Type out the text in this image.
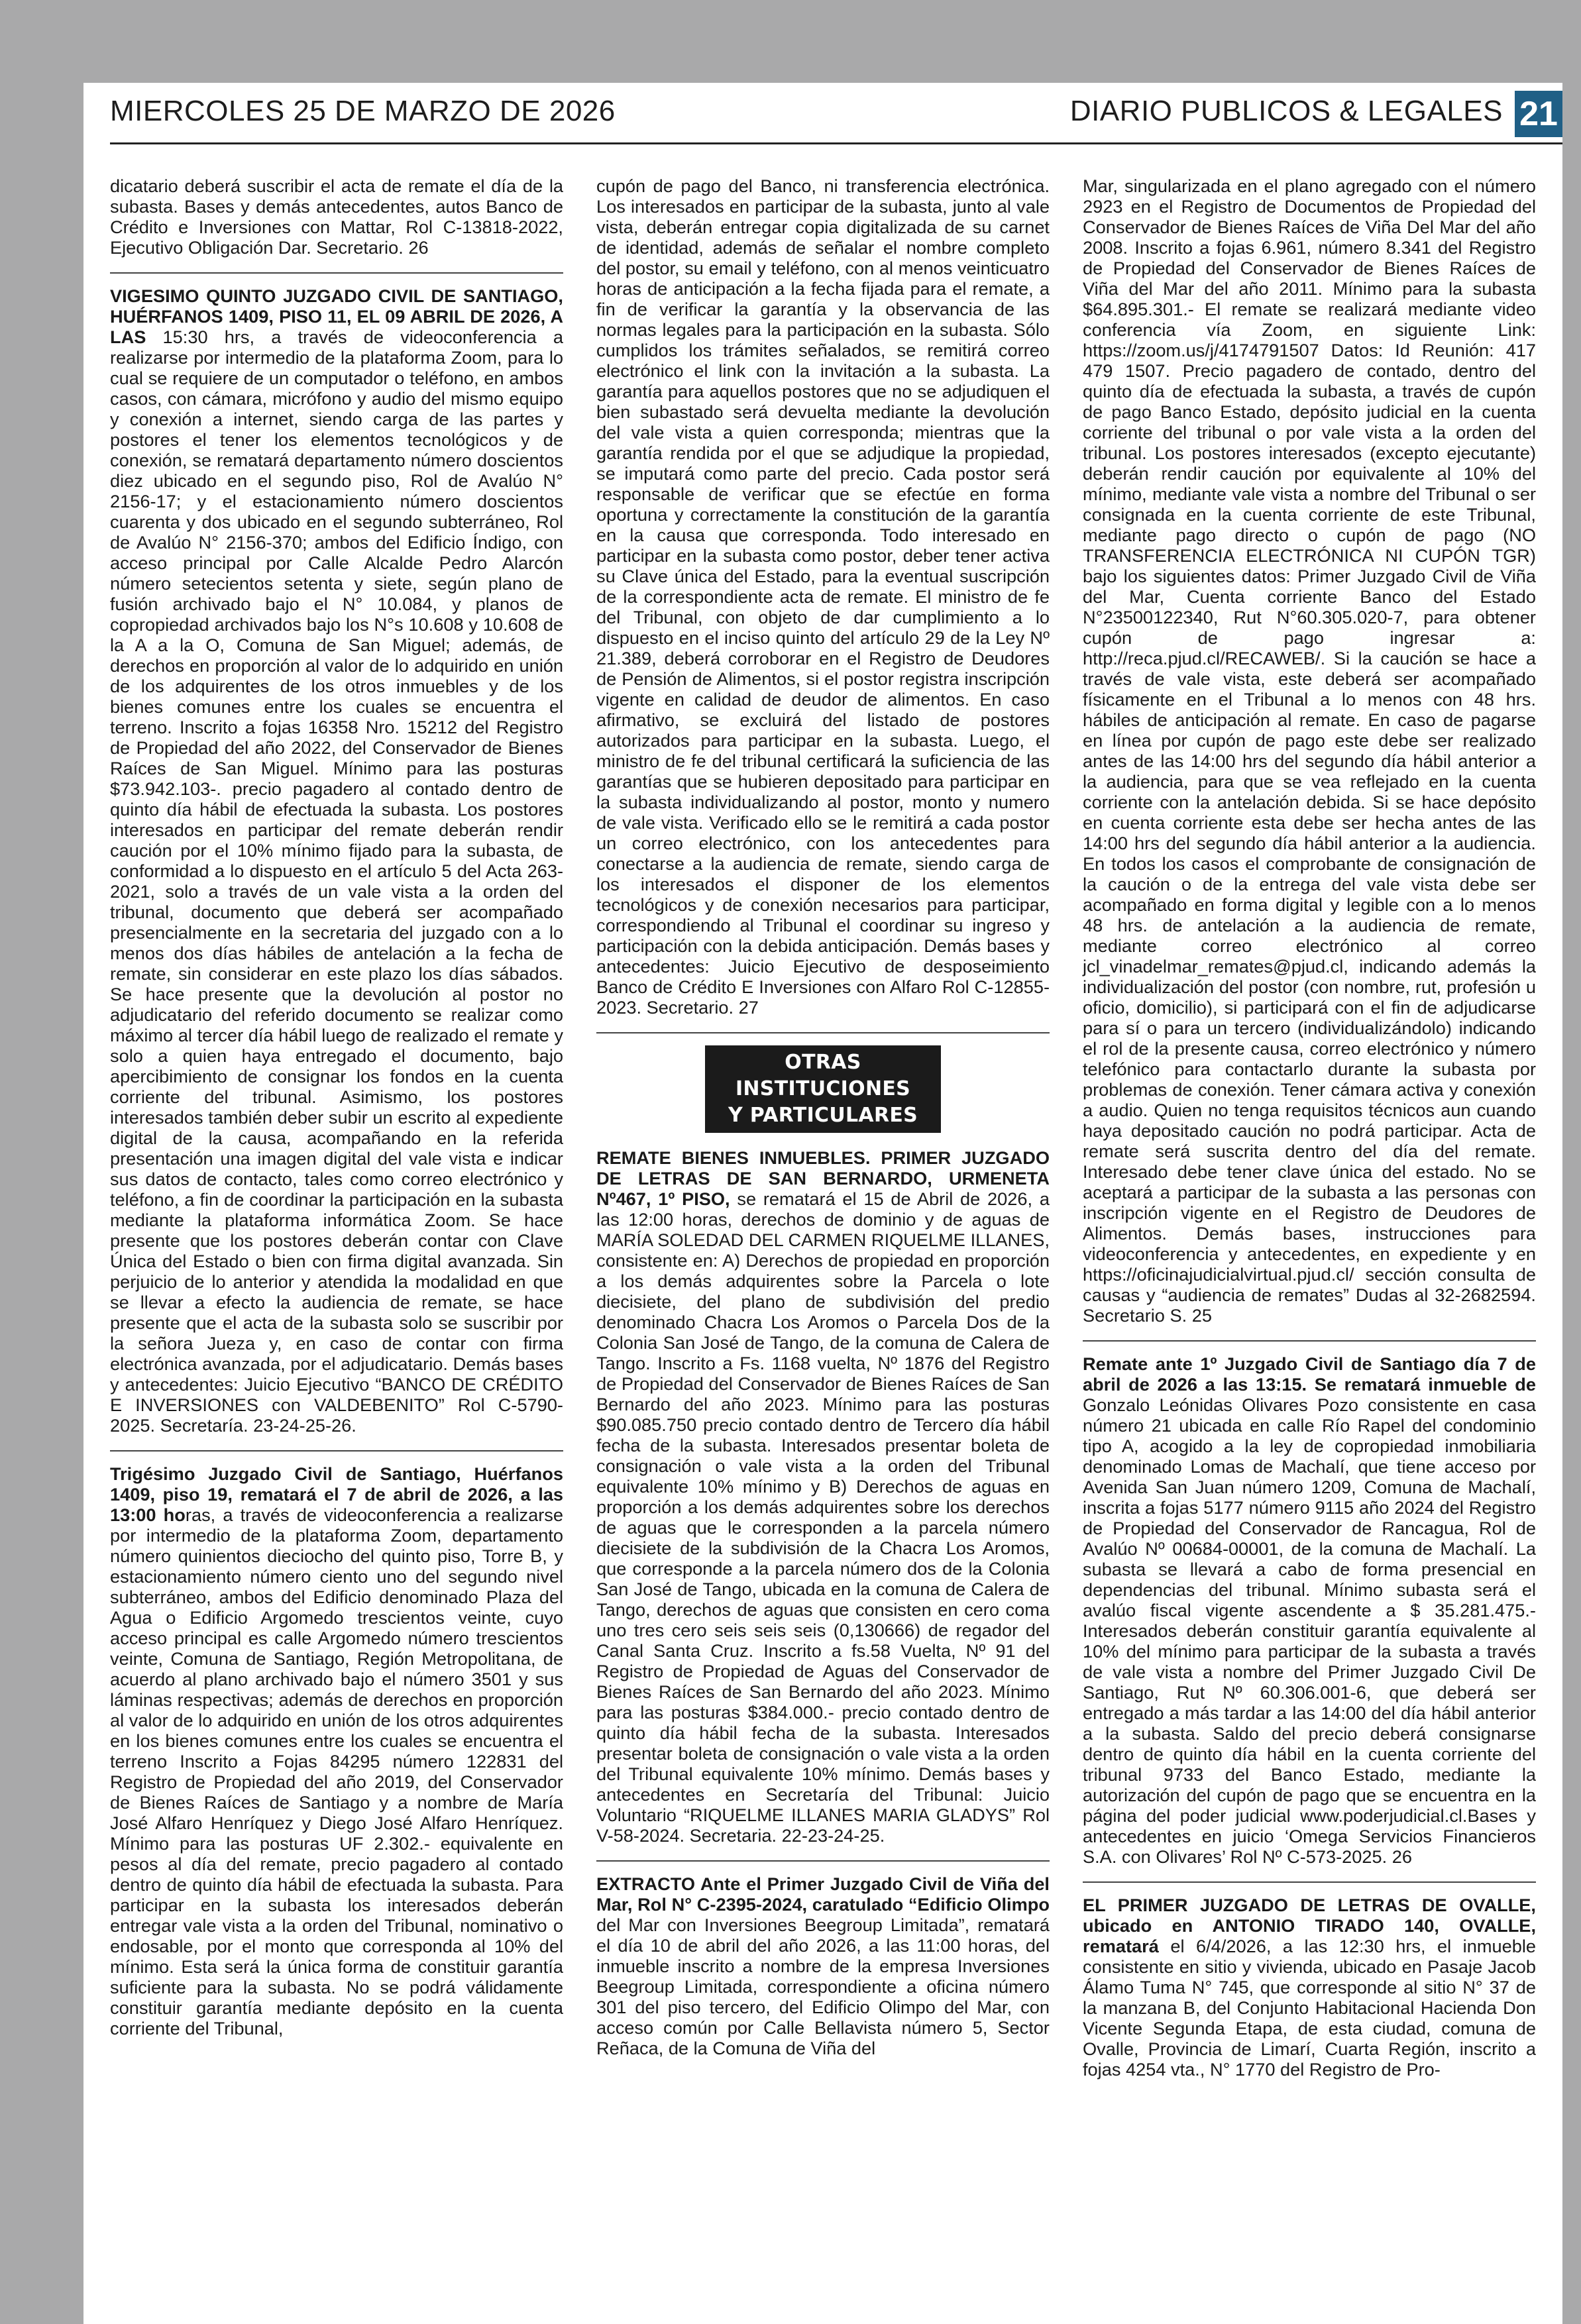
MIERCOLES 25 DE MARZO DE 2026	DIARIO PUBLICOS & LEGALES 21

dicatario deberá suscribir el acta de remate el día de la subasta. Bases y demás antecedentes, autos Banco de Crédito e Inversiones con Mattar, Rol C-13818-2022, Ejecutivo Obligación Dar. Secretario. 26

VIGESIMO QUINTO JUZGADO CIVIL DE SANTIAGO, HUÉRFANOS 1409, PISO 11, EL 09 ABRIL DE 2026, A LAS 15:30 hrs, a través de videoconferencia a realizarse por intermedio de la plataforma Zoom, para lo cual se requiere de un computador o teléfono, en ambos casos, con cámara, micrófono y audio del mismo equipo y conexión a internet, siendo carga de las partes y postores el tener los elementos tecnológicos y de conexión, se rematará departamento número doscientos diez ubicado en el segundo piso, Rol de Avalúo N° 2156-17; y el estacionamiento número doscientos cuarenta y dos ubicado en el segundo subterráneo, Rol de Avalúo N° 2156-370; ambos del Edificio Índigo, con acceso principal por Calle Alcalde Pedro Alarcón número setecientos setenta y siete, según plano de fusión archivado bajo el N° 10.084, y planos de copropiedad archivados bajo los N°s 10.608 y 10.608 de la A a la O, Comuna de San Miguel; además, de derechos en proporción al valor de lo adquirido en unión de los adquirentes de los otros inmuebles y de los bienes comunes entre los cuales se encuentra el terreno. Inscrito a fojas 16358 Nro. 15212 del Registro de Propiedad del año 2022, del Conservador de Bienes Raíces de San Miguel. Mínimo para las posturas $73.942.103-. precio pagadero al contado dentro de quinto día hábil de efectuada la subasta. Los postores interesados en participar del remate deberán rendir caución por el 10% mínimo fijado para la subasta, de conformidad a lo dispuesto en el artículo 5 del Acta 263-2021, solo a través de un vale vista a la orden del tribunal, documento que deberá ser acompañado presencialmente en la secretaria del juzgado con a lo menos dos días hábiles de antelación a la fecha de remate, sin considerar en este plazo los días sábados. Se hace presente que la devolución al postor no adjudicatario del referido documento se realizar como máximo al tercer día hábil luego de realizado el remate y solo a quien haya entregado el documento, bajo apercibimiento de consignar los fondos en la cuenta corriente del tribunal. Asimismo, los postores interesados también deber subir un escrito al expediente digital de la causa, acompañando en la referida presentación una imagen digital del vale vista e indicar sus datos de contacto, tales como correo electrónico y teléfono, a fin de coordinar la participación en la subasta mediante la plataforma informática Zoom. Se hace presente que los postores deberán contar con Clave Única del Estado o bien con firma digital avanzada. Sin perjuicio de lo anterior y atendida la modalidad en que se llevar a efecto la audiencia de remate, se hace presente que el acta de la subasta solo se suscribir por la señora Jueza y, en caso de contar con firma electrónica avanzada, por el adjudicatario. Demás bases y antecedentes: Juicio Ejecutivo “BANCO DE CRÉDITO E INVERSIONES con VALDEBENITO” Rol C-5790-2025. Secretaría. 23-24-25-26.

Trigésimo Juzgado Civil de Santiago, Huérfanos 1409, piso 19, rematará el 7 de abril de 2026, a las 13:00 horas, a través de videoconferencia a realizarse por intermedio de la plataforma Zoom, departamento número quinientos dieciocho del quinto piso, Torre B, y estacionamiento número ciento uno del segundo nivel subterráneo, ambos del Edificio denominado Plaza del Agua o Edificio Argomedo trescientos veinte, cuyo acceso principal es calle Argomedo número trescientos veinte, Comuna de Santiago, Región Metropolitana, de acuerdo al plano archivado bajo el número 3501 y sus láminas respectivas; además de derechos en proporción al valor de lo adquirido en unión de los otros adquirentes en los bienes comunes entre los cuales se encuentra el terreno Inscrito a Fojas 84295 número 122831 del Registro de Propiedad del año 2019, del Conservador de Bienes Raíces de Santiago y a nombre de María José Alfaro Henríquez y Diego José Alfaro Henríquez. Mínimo para las posturas UF 2.302.- equivalente en pesos al día del remate, precio pagadero al contado dentro de quinto día hábil de efectuada la subasta. Para participar en la subasta los interesados deberán entregar vale vista a la orden del Tribunal, nominativo o endosable, por el monto que corresponda al 10% del mínimo. Esta será la única forma de constituir garantía suficiente para la subasta. No se podrá válidamente constituir garantía mediante depósito en la cuenta corriente del Tribunal,

cupón de pago del Banco, ni transferencia electrónica. Los interesados en participar de la subasta, junto al vale vista, deberán entregar copia digitalizada de su carnet de identidad, además de señalar el nombre completo del postor, su email y teléfono, con al menos veinticuatro horas de anticipación a la fecha fijada para el remate, a fin de verificar la garantía y la observancia de las normas legales para la participación en la subasta. Sólo cumplidos los trámites señalados, se remitirá correo electrónico el link con la invitación a la subasta. La garantía para aquellos postores que no se adjudiquen el bien subastado será devuelta mediante la devolución del vale vista a quien corresponda; mientras que la garantía rendida por el que se adjudique la propiedad, se imputará como parte del precio. Cada postor será responsable de verificar que se efectúe en forma oportuna y correctamente la constitución de la garantía en la causa que corresponda. Todo interesado en participar en la subasta como postor, deber tener activa su Clave única del Estado, para la eventual suscripción de la correspondiente acta de remate. El ministro de fe del Tribunal, con objeto de dar cumplimiento a lo dispuesto en el inciso quinto del artículo 29 de la Ley Nº 21.389, deberá corroborar en el Registro de Deudores de Pensión de Alimentos, si el postor registra inscripción vigente en calidad de deudor de alimentos. En caso afirmativo, se excluirá del listado de postores autorizados para participar en la subasta. Luego, el ministro de fe del tribunal certificará la suficiencia de las garantías que se hubieren depositado para participar en la subasta individualizando al postor, monto y numero de vale vista. Verificado ello se le remitirá a cada postor un correo electrónico, con los antecedentes para conectarse a la audiencia de remate, siendo carga de los interesados el disponer de los elementos tecnológicos y de conexión necesarios para participar, correspondiendo al Tribunal el coordinar su ingreso y participación con la debida anticipación. Demás bases y antecedentes: Juicio Ejecutivo de desposeimiento Banco de Crédito E Inversiones con Alfaro Rol C-12855-2023. Secretario. 27

OTRAS INSTITUCIONES
Y PARTICULARES

REMATE BIENES INMUEBLES. PRIMER JUZGADO DE LETRAS DE SAN BERNARDO, URMENETA Nº467, 1º PISO, se rematará el 15 de Abril de 2026, a las 12:00 horas, derechos de dominio y de aguas de MARÍA SOLEDAD DEL CARMEN RIQUELME ILLANES, consistente en: A) Derechos de propiedad en proporción a los demás adquirentes sobre la Parcela o lote diecisiete, del plano de subdivisión del predio denominado Chacra Los Aromos o Parcela Dos de la Colonia San José de Tango, de la comuna de Calera de Tango. Inscrito a Fs. 1168 vuelta, Nº 1876 del Registro de Propiedad del Conservador de Bienes Raíces de San Bernardo del año 2023. Mínimo para las posturas $90.085.750 precio contado dentro de Tercero día hábil fecha de la subasta. Interesados presentar boleta de consignación o vale vista a la orden del Tribunal equivalente 10% mínimo y B) Derechos de aguas en proporción a los demás adquirentes sobre los derechos de aguas que le corresponden a la parcela número diecisiete de la subdivisión de la Chacra Los Aromos, que corresponde a la parcela número dos de la Colonia San José de Tango, ubicada en la comuna de Calera de Tango, derechos de aguas que consisten en cero coma uno tres cero seis seis seis (0,130666) de regador del Canal Santa Cruz. Inscrito a fs.58 Vuelta, Nº 91 del Registro de Propiedad de Aguas del Conservador de Bienes Raíces de San Bernardo del año 2023. Mínimo para las posturas $384.000.- precio contado dentro de quinto día hábil fecha de la subasta. Interesados presentar boleta de consignación o vale vista a la orden del Tribunal equivalente 10% mínimo. Demás bases y antecedentes en Secretaría del Tribunal: Juicio Voluntario “RIQUELME ILLANES MARIA GLADYS” Rol V-58-2024. Secretaria. 22-23-24-25.

EXTRACTO Ante el Primer Juzgado Civil de Viña del Mar, Rol N° C-2395-2024, caratulado “Edificio Olimpo del Mar con Inversiones Beegroup Limitada”, rematará el día 10 de abril del año 2026, a las 11:00 horas, del inmueble inscrito a nombre de la empresa Inversiones Beegroup Limitada, correspondiente a oficina número 301 del piso tercero, del Edificio Olimpo del Mar, con acceso común por Calle Bellavista número 5, Sector Reñaca, de la Comuna de Viña del

Mar, singularizada en el plano agregado con el número 2923 en el Registro de Documentos de Propiedad del Conservador de Bienes Raíces de Viña Del Mar del año 2008. Inscrito a fojas 6.961, número 8.341 del Registro de Propiedad del Conservador de Bienes Raíces de Viña del Mar del año 2011. Mínimo para la subasta $64.895.301.- El remate se realizará mediante video conferencia vía Zoom, en siguiente Link: https://zoom.us/j/4174791507 Datos: Id Reunión: 417 479 1507. Precio pagadero de contado, dentro del quinto día de efectuada la subasta, a través de cupón de pago Banco Estado, depósito judicial en la cuenta corriente del tribunal o por vale vista a la orden del tribunal. Los postores interesados (excepto ejecutante) deberán rendir caución por equivalente al 10% del mínimo, mediante vale vista a nombre del Tribunal o ser consignada en la cuenta corriente de este Tribunal, mediante pago directo o cupón de pago (NO TRANSFERENCIA ELECTRÓNICA NI CUPÓN TGR) bajo los siguientes datos: Primer Juzgado Civil de Viña del Mar, Cuenta corriente Banco del Estado N°23500122340, Rut N°60.305.020-7, para obtener cupón de pago ingresar a: http://reca.pjud.cl/RECAWEB/. Si la caución se hace a través de vale vista, este deberá ser acompañado físicamente en el Tribunal a lo menos con 48 hrs. hábiles de anticipación al remate. En caso de pagarse en línea por cupón de pago este debe ser realizado antes de las 14:00 hrs del segundo día hábil anterior a la audiencia, para que se vea reflejado en la cuenta corriente con la antelación debida. Si se hace depósito en cuenta corriente esta debe ser hecha antes de las 14:00 hrs del segundo día hábil anterior a la audiencia. En todos los casos el comprobante de consignación de la caución o de la entrega del vale vista debe ser acompañado en forma digital y legible con a lo menos 48 hrs. de antelación a la audiencia de remate, mediante correo electrónico al correo jcl_vinadelmar_remates@pjud.cl, indicando además la individualización del postor (con nombre, rut, profesión u oficio, domicilio), si participará con el fin de adjudicarse para sí o para un tercero (individualizándolo) indicando el rol de la presente causa, correo electrónico y número telefónico para contactarlo durante la subasta por problemas de conexión. Tener cámara activa y conexión a audio. Quien no tenga requisitos técnicos aun cuando haya depositado caución no podrá participar. Acta de remate será suscrita dentro del día del remate. Interesado debe tener clave única del estado. No se aceptará a participar de la subasta a las personas con inscripción vigente en el Registro de Deudores de Alimentos. Demás bases, instrucciones para videoconferencia y antecedentes, en expediente y en https://oficinajudicialvirtual.pjud.cl/ sección consulta de causas y “audiencia de remates” Dudas al 32-2682594. Secretario S. 25

Remate ante 1º Juzgado Civil de Santiago día 7 de abril de 2026 a las 13:15. Se rematará inmueble de Gonzalo Leónidas Olivares Pozo consistente en casa número 21 ubicada en calle Río Rapel del condominio tipo A, acogido a la ley de copropiedad inmobiliaria denominado Lomas de Machalí, que tiene acceso por Avenida San Juan número 1209, Comuna de Machalí, inscrita a fojas 5177 número 9115 año 2024 del Registro de Propiedad del Conservador de Rancagua, Rol de Avalúo Nº 00684-00001, de la comuna de Machalí. La subasta se llevará a cabo de forma presencial en dependencias del tribunal. Mínimo subasta será el avalúo fiscal vigente ascendente a $ 35.281.475.- Interesados deberán constituir garantía equivalente al 10% del mínimo para participar de la subasta a través de vale vista a nombre del Primer Juzgado Civil De Santiago, Rut Nº 60.306.001-6, que deberá ser entregado a más tardar a las 14:00 del día hábil anterior a la subasta. Saldo del precio deberá consignarse dentro de quinto día hábil en la cuenta corriente del tribunal 9733 del Banco Estado, mediante la autorización del cupón de pago que se encuentra en la página del poder judicial www.poderjudicial.cl.Bases y antecedentes en juicio ‘Omega Servicios Financieros S.A. con Olivares’ Rol Nº C-573-2025. 26

EL PRIMER JUZGADO DE LETRAS DE OVALLE, ubicado en ANTONIO TIRADO 140, OVALLE, rematará el 6/4/2026, a las 12:30 hrs, el inmueble consistente en sitio y vivienda, ubicado en Pasaje Jacob Álamo Tuma N° 745, que corresponde al sitio N° 37 de la manzana B, del Conjunto Habitacional Hacienda Don Vicente Segunda Etapa, de esta ciudad, comuna de Ovalle, Provincia de Limarí, Cuarta Región, inscrito a fojas 4254 vta., N° 1770 del Registro de Pro-
